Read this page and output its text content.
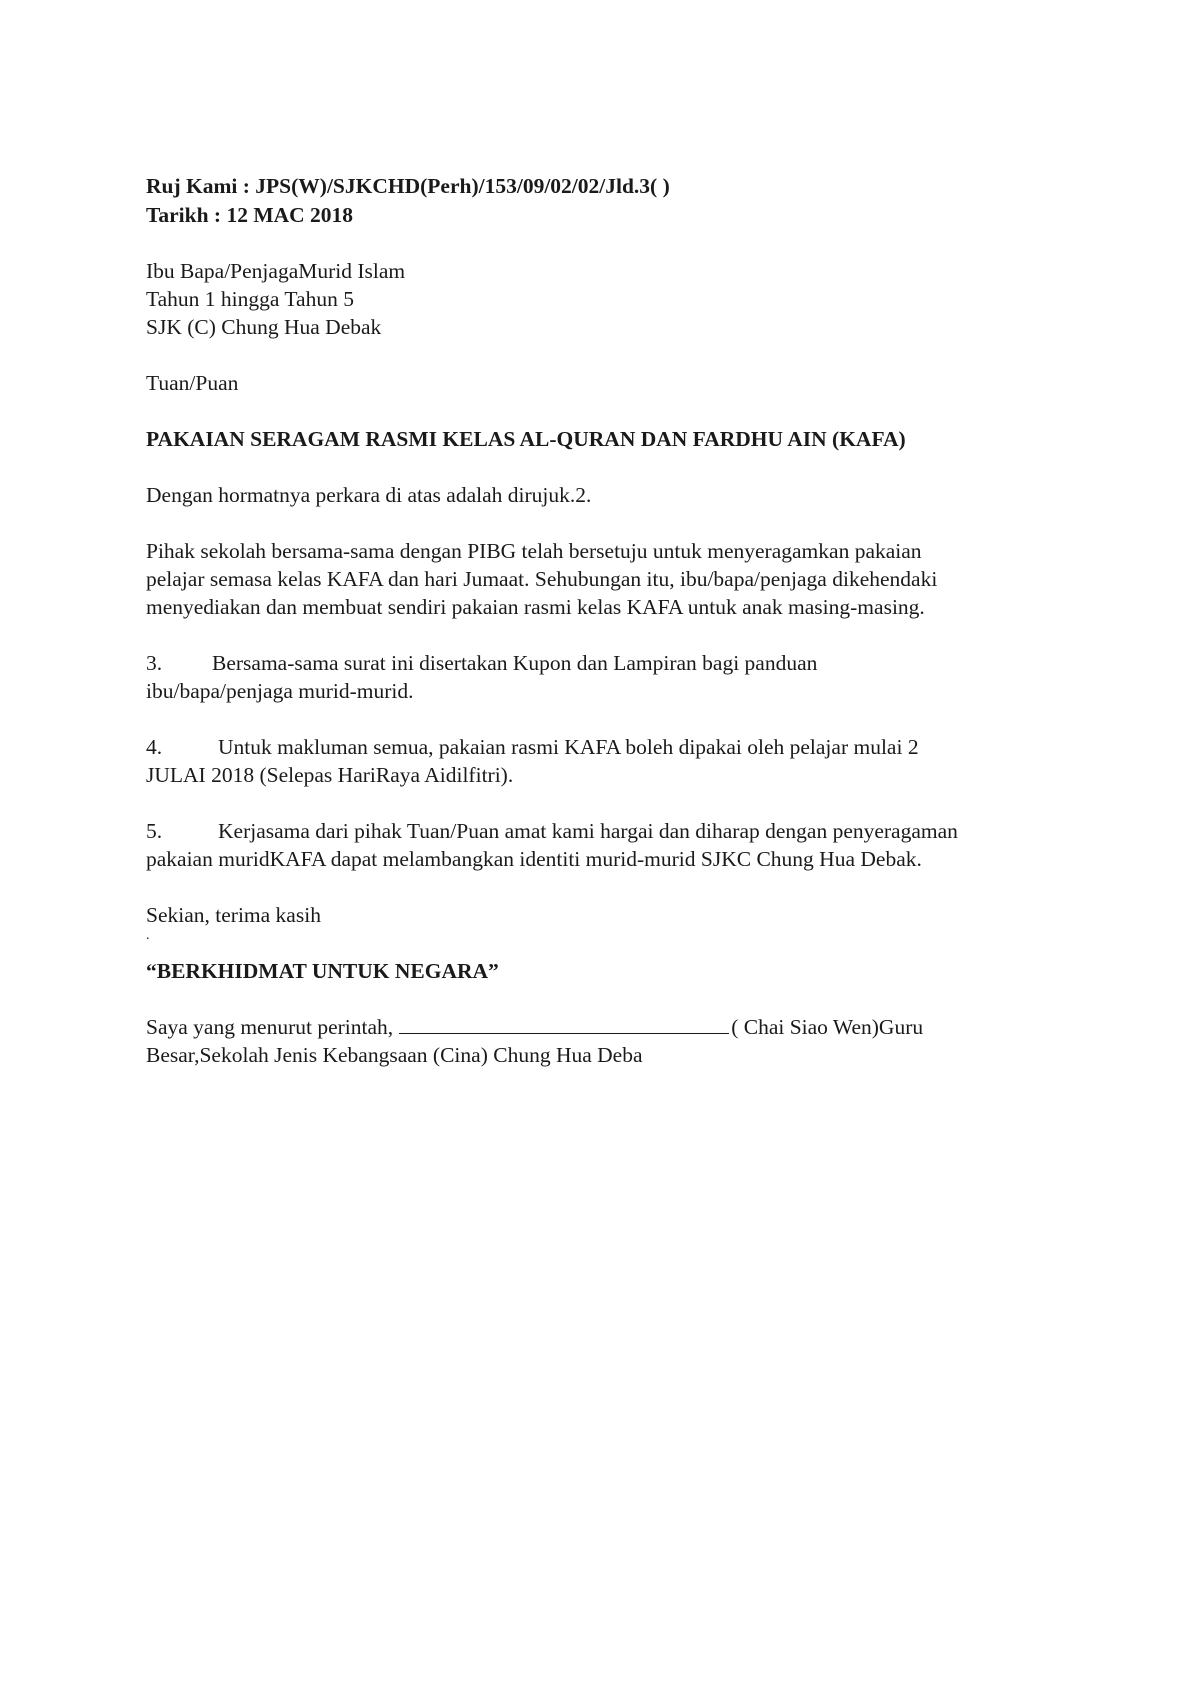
Ruj Kami : JPS(W)/SJKCHD(Perh)/153/09/02/02/Jld.3( )
Tarikh : 12 MAC 2018
Ibu Bapa/PenjagaMurid Islam
Tahun 1 hingga Tahun 5
SJK (C) Chung Hua Debak
Tuan/Puan
PAKAIAN SERAGAM RASMI KELAS AL-QURAN DAN FARDHU AIN (KAFA)
Dengan hormatnya perkara di atas adalah dirujuk.2.
Pihak sekolah bersama-sama dengan PIBG telah bersetuju untuk menyeragamkan pakaian
pelajar semasa kelas KAFA dan hari Jumaat. Sehubungan itu, ibu/bapa/penjaga dikehendaki
menyediakan dan membuat sendiri pakaian rasmi kelas KAFA untuk anak masing-masing.
3. Bersama-sama surat ini disertakan Kupon dan Lampiran bagi panduan
ibu/bapa/penjaga murid-murid.
4.	Untuk makluman semua, pakaian rasmi KAFA boleh dipakai oleh pelajar mulai 2
JULAI 2018 (Selepas HariRaya Aidilfitri).
5.	Kerjasama dari pihak Tuan/Puan amat kami hargai dan diharap dengan penyeragaman
pakaian muridKAFA dapat melambangkan identiti murid-murid SJKC Chung Hua Debak.
Sekian, terima kasih
.
“BERKHIDMAT UNTUK NEGARA”
Saya yang menurut perintah,	( Chai Siao Wen)Guru
Besar,Sekolah Jenis Kebangsaan (Cina) Chung Hua Deba
